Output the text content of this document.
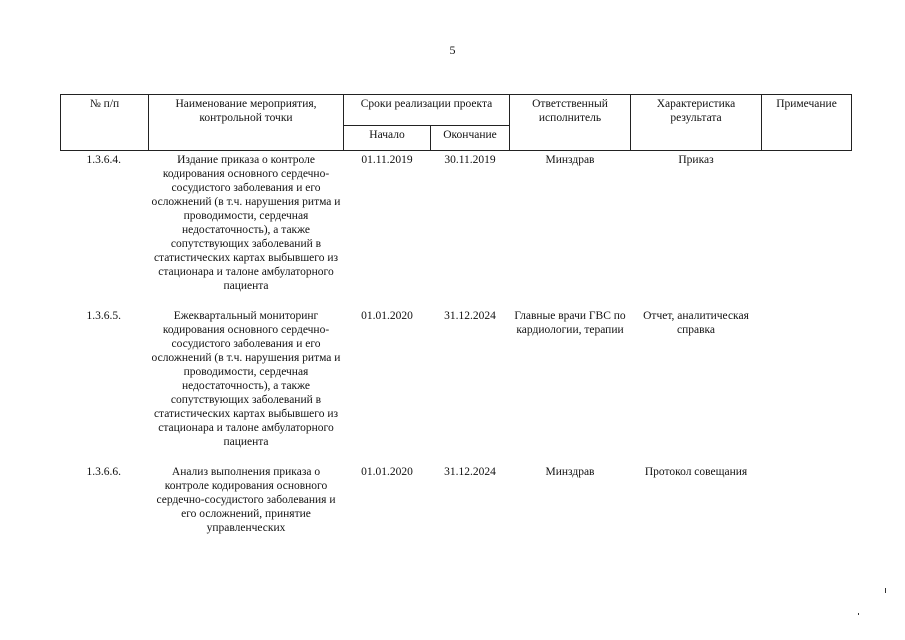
5
№ п/п	Наименование мероприятия, контрольной точки	Сроки реализации проекта		Ответственный исполнитель	Характеристика результата	Примечание
		Начало	Окончание			
1.3.6.4.	Издание приказа о контроле кодирования основного сердечно-сосудистого заболевания и его осложнений (в т.ч. нарушения ритма и проводимости, сердечная недостаточность), а также сопутствующих заболеваний в статистических картах выбывшего из стационара и талоне амбулаторного пациента	01.11.2019	30.11.2019	Минздрав	Приказ	
1.3.6.5.	Ежеквартальный мониторинг кодирования основного сердечно-сосудистого заболевания и его осложнений (в т.ч. нарушения ритма и проводимости, сердечная недостаточность), а также сопутствующих заболеваний в статистических картах выбывшего из стационара и талоне амбулаторного пациента	01.01.2020	31.12.2024	Главные врачи ГВС по кардиологии, терапии	Отчет, аналитическая справка	
1.3.6.6.	Анализ выполнения приказа о контроле кодирования основного сердечно-сосудистого заболевания и его осложнений, принятие управленческих	01.01.2020	31.12.2024	Минздрав	Протокол совещания	
